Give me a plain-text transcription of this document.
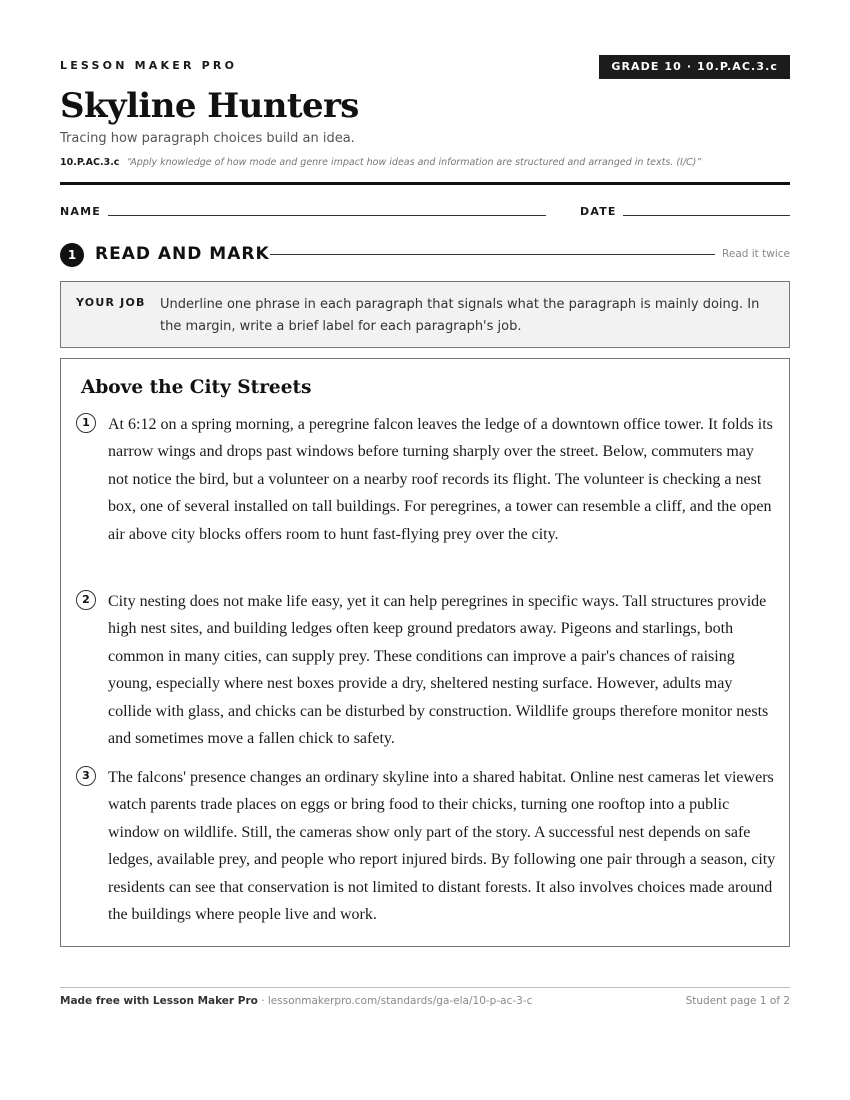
LESSON MAKER PRO	GRADE 10 · 10.P.AC.3.c
Skyline Hunters
Tracing how paragraph choices build an idea.
10.P.AC.3.c “Apply knowledge of how mode and genre impact how ideas and information are structured and arranged in texts. (I/C)”
NAME	DATE
1	READ AND MARK	Read it twice
YOUR JOB Underline one phrase in each paragraph that signals what the paragraph is mainly doing. In the margin, write a brief label for each paragraph's job.
Above the City Streets
1	At 6:12 on a spring morning, a peregrine falcon leaves the ledge of a downtown office tower. It folds its narrow wings and drops past windows before turning sharply over the street. Below, commuters may not notice the bird, but a volunteer on a nearby roof records its flight. The volunteer is checking a nest box, one of several installed on tall buildings. For peregrines, a tower can resemble a cliff, and the open air above city blocks offers room to hunt fast-flying prey over the city.
2	City nesting does not make life easy, yet it can help peregrines in specific ways. Tall structures provide high nest sites, and building ledges often keep ground predators away. Pigeons and starlings, both common in many cities, can supply prey. These conditions can improve a pair's chances of raising young, especially where nest boxes provide a dry, sheltered nesting surface. However, adults may collide with glass, and chicks can be disturbed by construction. Wildlife groups therefore monitor nests and sometimes move a fallen chick to safety.
3	The falcons' presence changes an ordinary skyline into a shared habitat. Online nest cameras let viewers watch parents trade places on eggs or bring food to their chicks, turning one rooftop into a public window on wildlife. Still, the cameras show only part of the story. A successful nest depends on safe ledges, available prey, and people who report injured birds. By following one pair through a season, city residents can see that conservation is not limited to distant forests. It also involves choices made around the buildings where people live and work.
Made free with Lesson Maker Pro · lessonmakerpro.com/standards/ga-ela/10-p-ac-3-c	Student page 1 of 2
